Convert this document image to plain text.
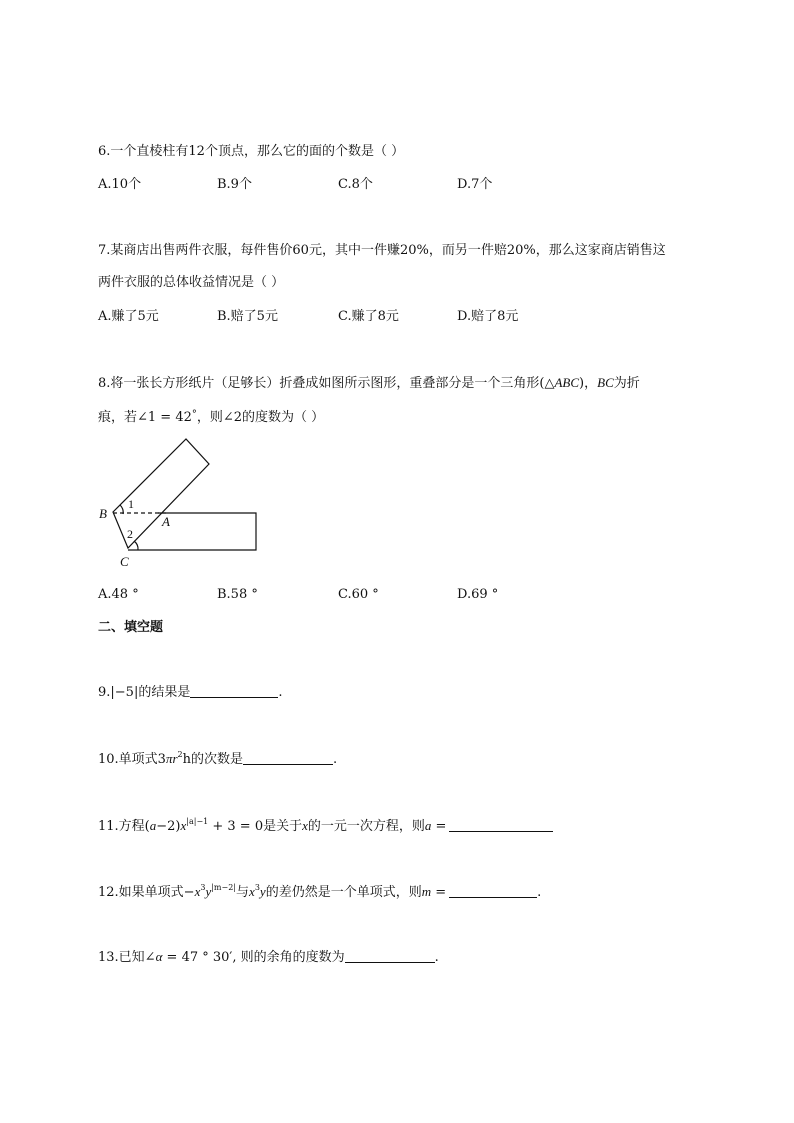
6.一个直棱柱有12个顶点，那么它的面的个数是（ ）
A.10个	B.9个	C.8个	D.7个
7.某商店出售两件衣服，每件售价60元，其中一件赚20%，而另一件赔20%，那么这家商店销售这
两件衣服的总体收益情况是（ ）
A.赚了5元	B.赔了5元	C.赚了8元	D.赔了8元
8.将一张长方形纸片（足够长）折叠成如图所示图形，重叠部分是一个三角形(△ABC)，BC为折
痕，若∠1 = 42°，则∠2的度数为（ ）
B
A
C
1
2
A.48 °	B.58 °	C.60 °	D.69 °
二、填空题
9.|−5|的结果是	.
10.单项式$3\pi r^2h$的次数是	.
11.方程$(a-2)x^{|a|-1} + 3 = 0$是关于x的一元一次方程，则a =
12.如果单项式$-x^3y^{|m-2|}$与$x^3y$的差仍然是一个单项式，则m =	.
13.已知∠α = 47 ° 30′, 则的余角的度数为	.
